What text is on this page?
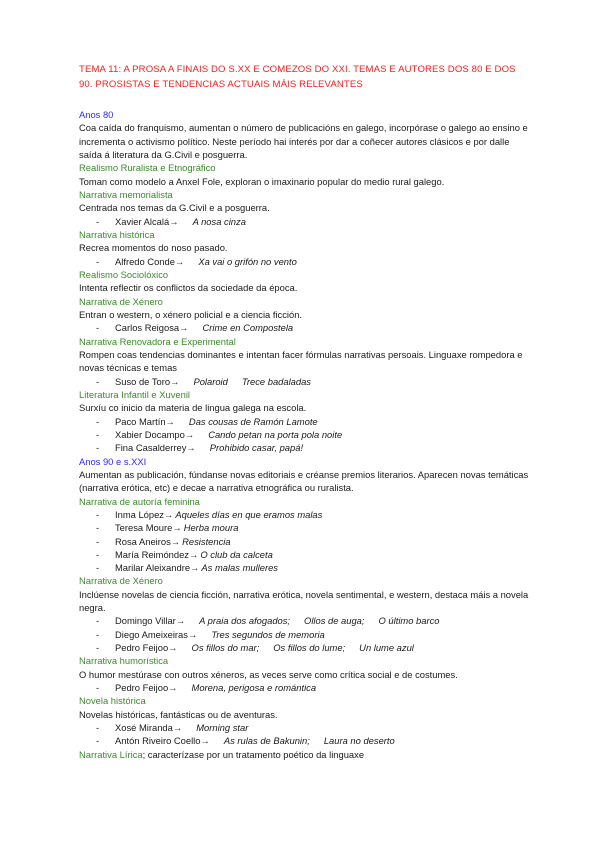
TEMA 11: A PROSA A FINAIS DO S.XX E COMEZOS DO XXI. TEMAS E AUTORES DOS 80 E DOS 90. PROSISTAS E TENDENCIAS ACTUAIS MÁIS RELEVANTES
Anos 80
Coa caída do franquismo, aumentan o número de publicacións en galego, incorpórase o galego ao ensino e incrementa o activismo político. Neste período hai interés por dar a coñecer autores clásicos e por dalle saída á literatura da G.Civil e posguerra.
Realismo Ruralista e Etnográfico
Toman como modelo a Anxel Fole, exploran o imaxinario popular do medio rural galego.
Narrativa memorialista
Centrada nos temas da G.Civil e a posguerra.
- Xavier Alcalá→ A nosa cinza
Narrativa histórica
Recrea momentos do noso pasado.
- Alfredo Conde→ Xa vai o grifón no vento
Realismo Sociolóxico
Intenta reflectir os conflictos da sociedade da época.
Narrativa de Xénero
Entran o western, o xénero policial e a ciencia ficción.
- Carlos Reigosa→ Crime en Compostela
Narrativa Renovadora e Experimental
Rompen coas tendencias dominantes e intentan facer fórmulas narrativas persoais. Linguaxe rompedora e novas técnicas e temas
- Suso de Toro→ Polaroid Trece badaladas
Literatura Infantil e Xuvenil
Surxíu co inicio da materia de lingua galega na escola.
- Paco Martín→ Das cousas de Ramón Lamote
- Xabier Docampo→ Cando petan na porta pola noite
- Fina Casalderrey→ Prohibido casar, papá!
Anos 90 e s.XXI
Aumentan as publicación, fúndanse novas editoriais e créanse premios literarios. Aparecen novas temáticas (narrativa erótica, etc) e decae a narrativa etnográfica ou ruralista.
Narrativa de autoría feminina
- Inma López→ Aqueles días en que eramos malas
- Teresa Moure→ Herba moura
- Rosa Aneiros→ Resistencia
- María Reimóndez→ O club da calceta
- Marilar Aleixandre→ As malas mulleres
Narrativa de Xénero
Inclúense novelas de ciencia ficción, narrativa erótica, novela sentimental, e western, destaca máis a novela negra.
- Domingo Villar→ A praia dos afogados; Ollos de auga; O último barco
- Diego Ameixeiras→ Tres segundos de memoria
- Pedro Feijoo→ Os fillos do mar; Os fillos do lume; Un lume azul
Narrativa humorística
O humor mestúrase con outros xéneros, as veces serve como crítica social e de costumes.
- Pedro Feijoo→ Morena, perigosa e romántica
Novela histórica
Novelas históricas, fantásticas ou de aventuras.
- Xosé Miranda→ Morning star
- Antón Riveiro Coello→ As rulas de Bakunin; Laura no deserto
Narrativa Lírica; caracterízase por un tratamento poético da linguaxe
